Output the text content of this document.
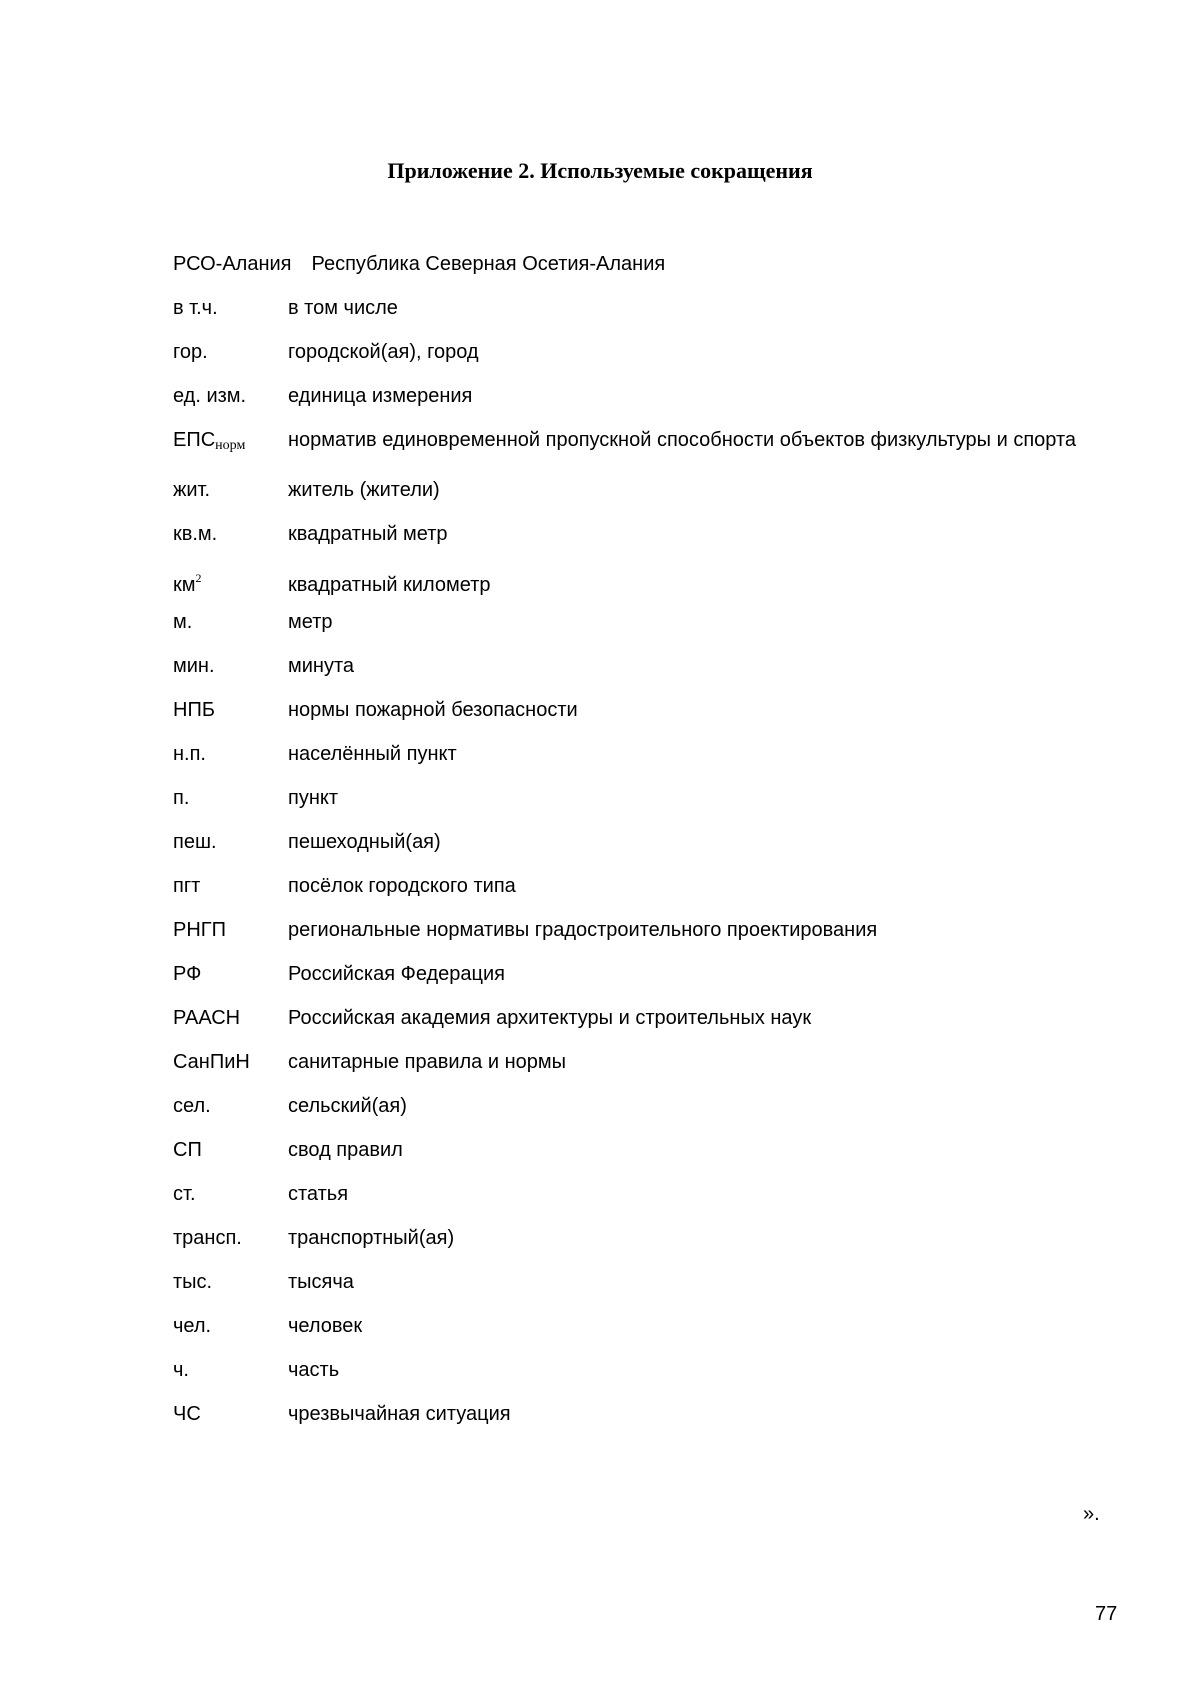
Приложение 2. Используемые сокращения
РСО-Алания Республика Северная Осетия-Алания
в т.ч.	в том числе
гор.	городской(ая), город
ед. изм.	единица измерения
$ЕПС_{норм}$	норматив единовременной пропускной способности объектов физкультуры и спорта
жит.	житель (жители)
кв.м.	квадратный метр
$км^2$	квадратный километр
м.	метр
мин.	минута
НПБ	нормы пожарной безопасности
н.п.	населённый пункт
п.	пункт
пеш.	пешеходный(ая)
пгт	посёлок городского типа
РНГП	региональные нормативы градостроительного проектирования
РФ	Российская Федерация
РААСН	Российская академия архитектуры и строительных наук
СанПиН	санитарные правила и нормы
сел.	сельский(ая)
СП	свод правил
ст.	статья
трансп.	транспортный(ая)
тыс.	тысяча
чел.	человек
ч.	часть
ЧС	чрезвычайная ситуация
».
77
